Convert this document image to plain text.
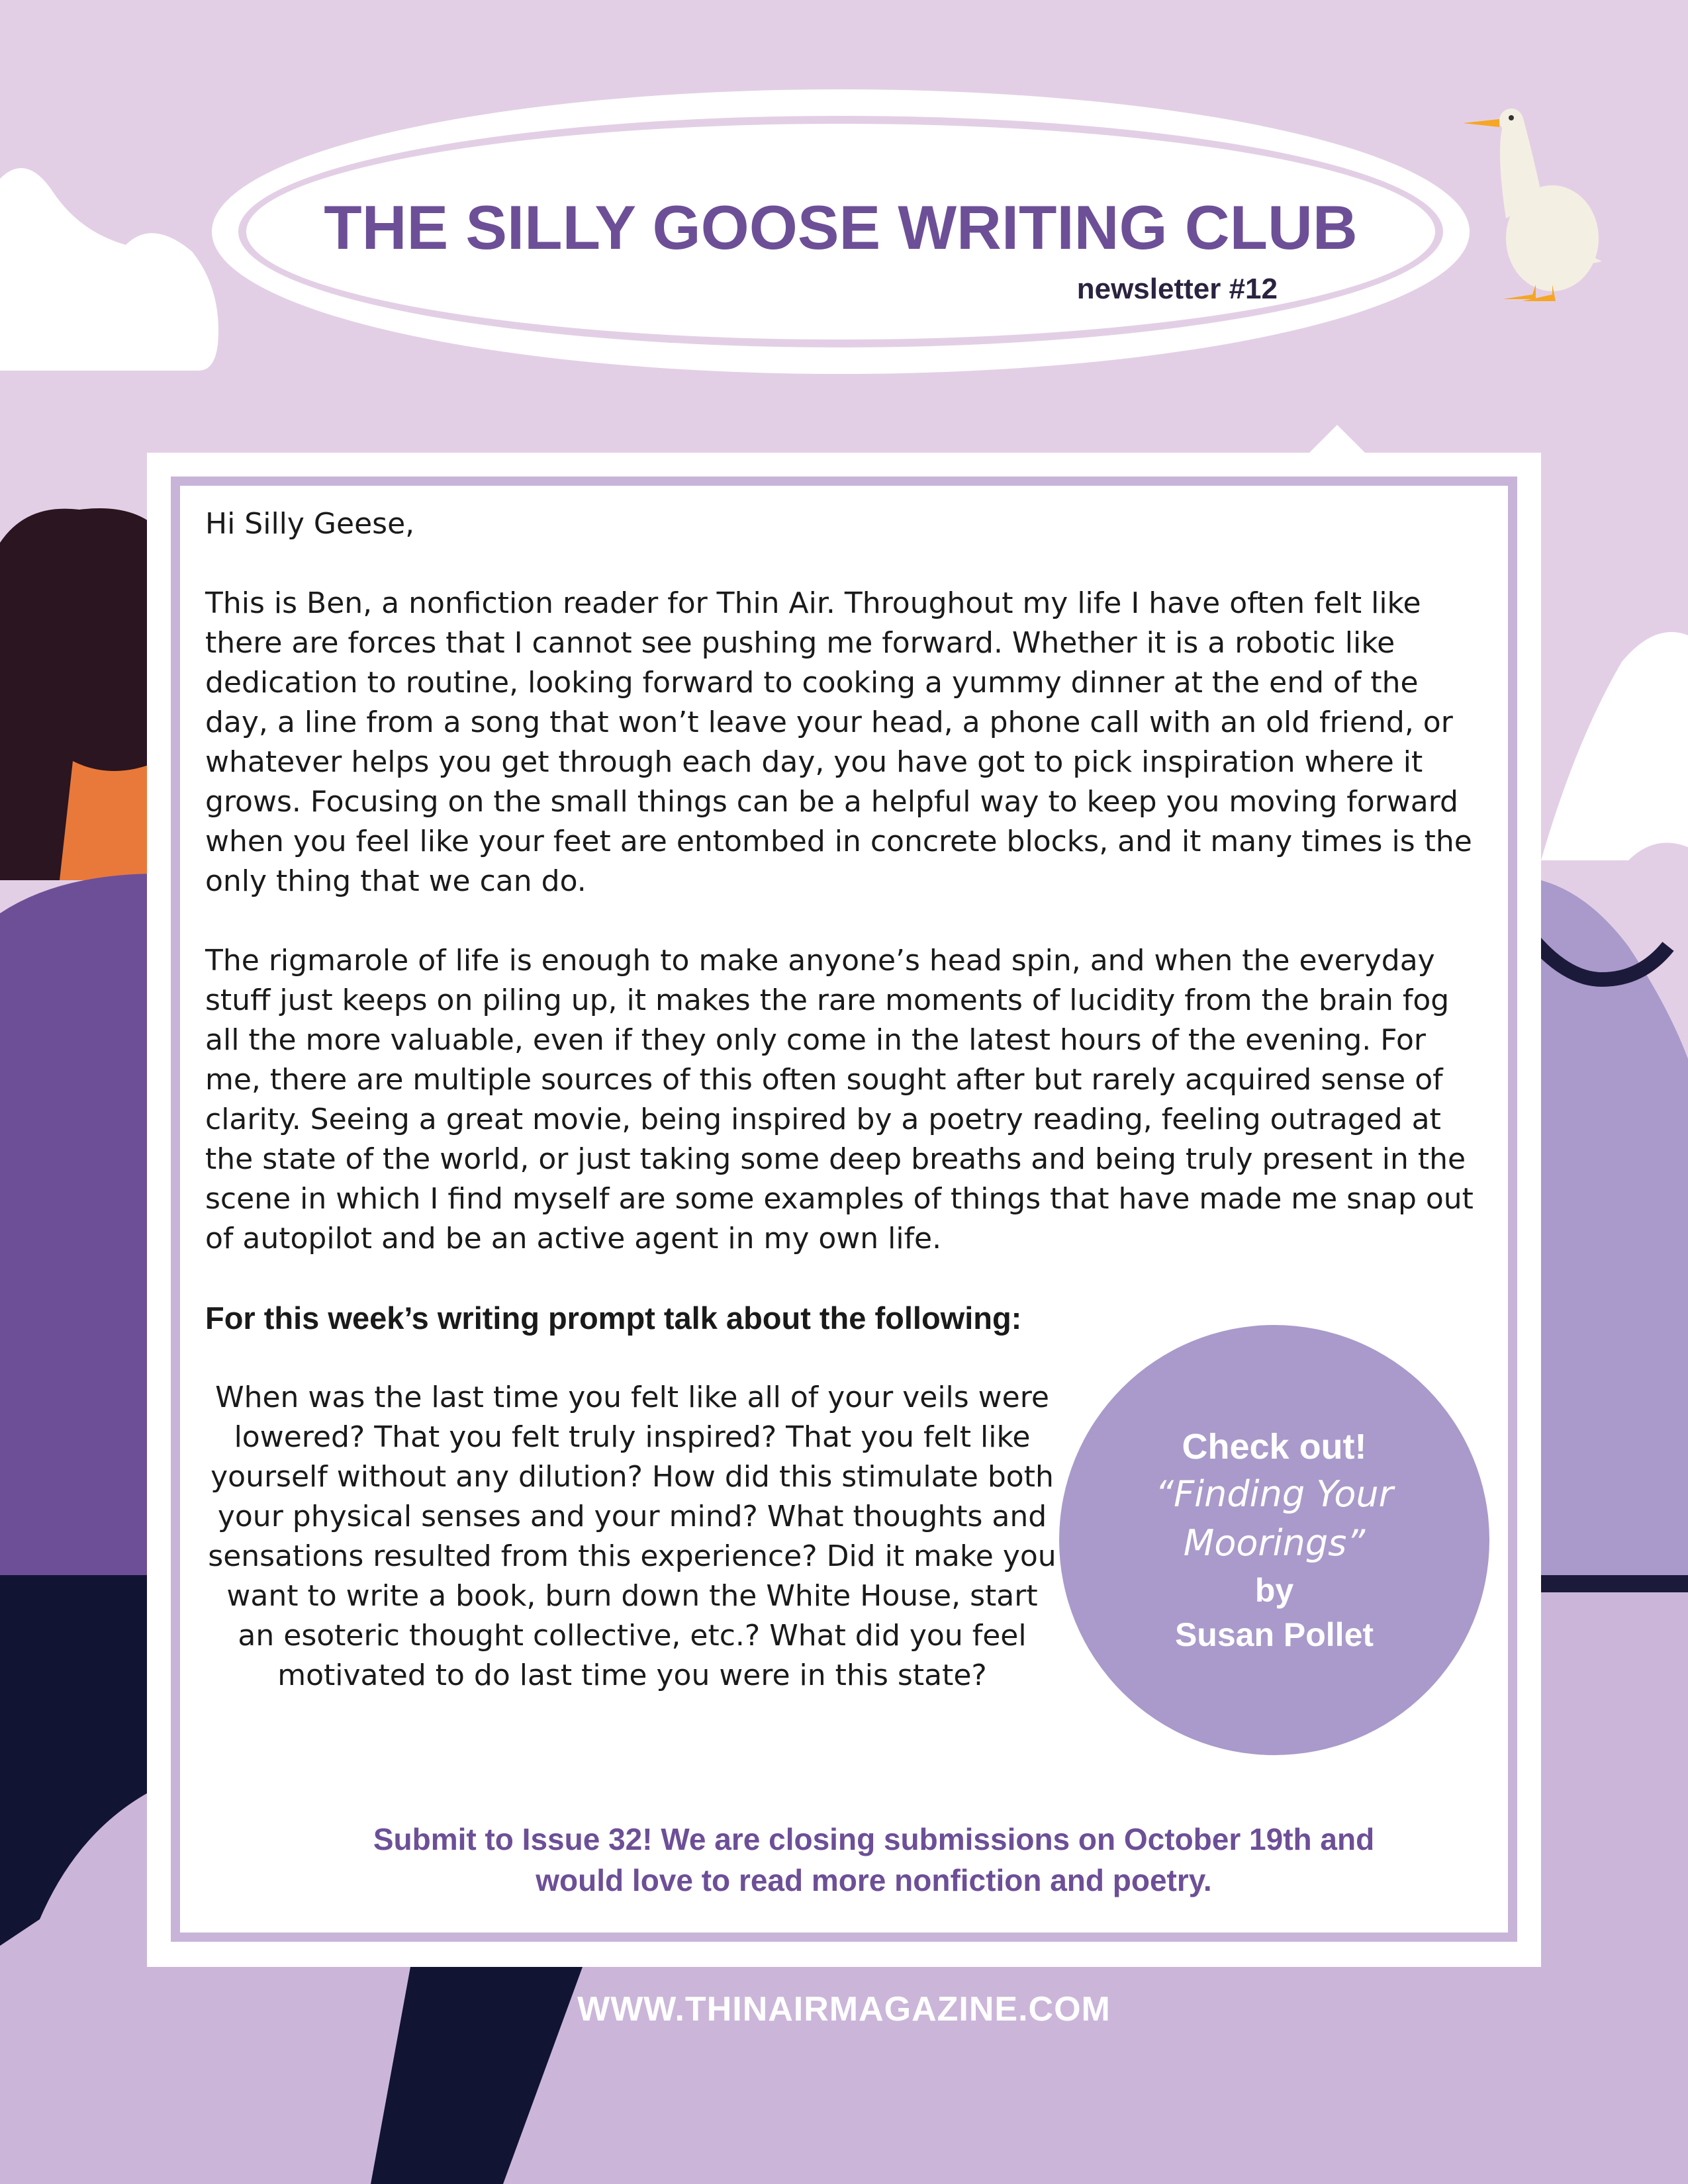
THE SILLY GOOSE WRITING CLUB
newsletter #12

Hi Silly Geese,

This is Ben, a nonfiction reader for Thin Air. Throughout my life I have often felt like there are forces that I cannot see pushing me forward. Whether it is a robotic like dedication to routine, looking forward to cooking a yummy dinner at the end of the day, a line from a song that won’t leave your head, a phone call with an old friend, or whatever helps you get through each day, you have got to pick inspiration where it grows. Focusing on the small things can be a helpful way to keep you moving forward when you feel like your feet are entombed in concrete blocks, and it many times is the only thing that we can do.

The rigmarole of life is enough to make anyone’s head spin, and when the everyday stuff just keeps on piling up, it makes the rare moments of lucidity from the brain fog all the more valuable, even if they only come in the latest hours of the evening. For me, there are multiple sources of this often sought after but rarely acquired sense of clarity. Seeing a great movie, being inspired by a poetry reading, feeling outraged at the state of the world, or just taking some deep breaths and being truly present in the scene in which I find myself are some examples of things that have made me snap out of autopilot and be an active agent in my own life.

For this week’s writing prompt talk about the following:

When was the last time you felt like all of your veils were lowered? That you felt truly inspired? That you felt like yourself without any dilution? How did this stimulate both your physical senses and your mind? What thoughts and sensations resulted from this experience? Did it make you want to write a book, burn down the White House, start an esoteric thought collective, etc.? What did you feel motivated to do last time you were in this state?

Check out!
“Finding Your Moorings”
by
Susan Pollet

Submit to Issue 32! We are closing submissions on October 19th and would love to read more nonfiction and poetry.

WWW.THINAIRMAGAZINE.COM
